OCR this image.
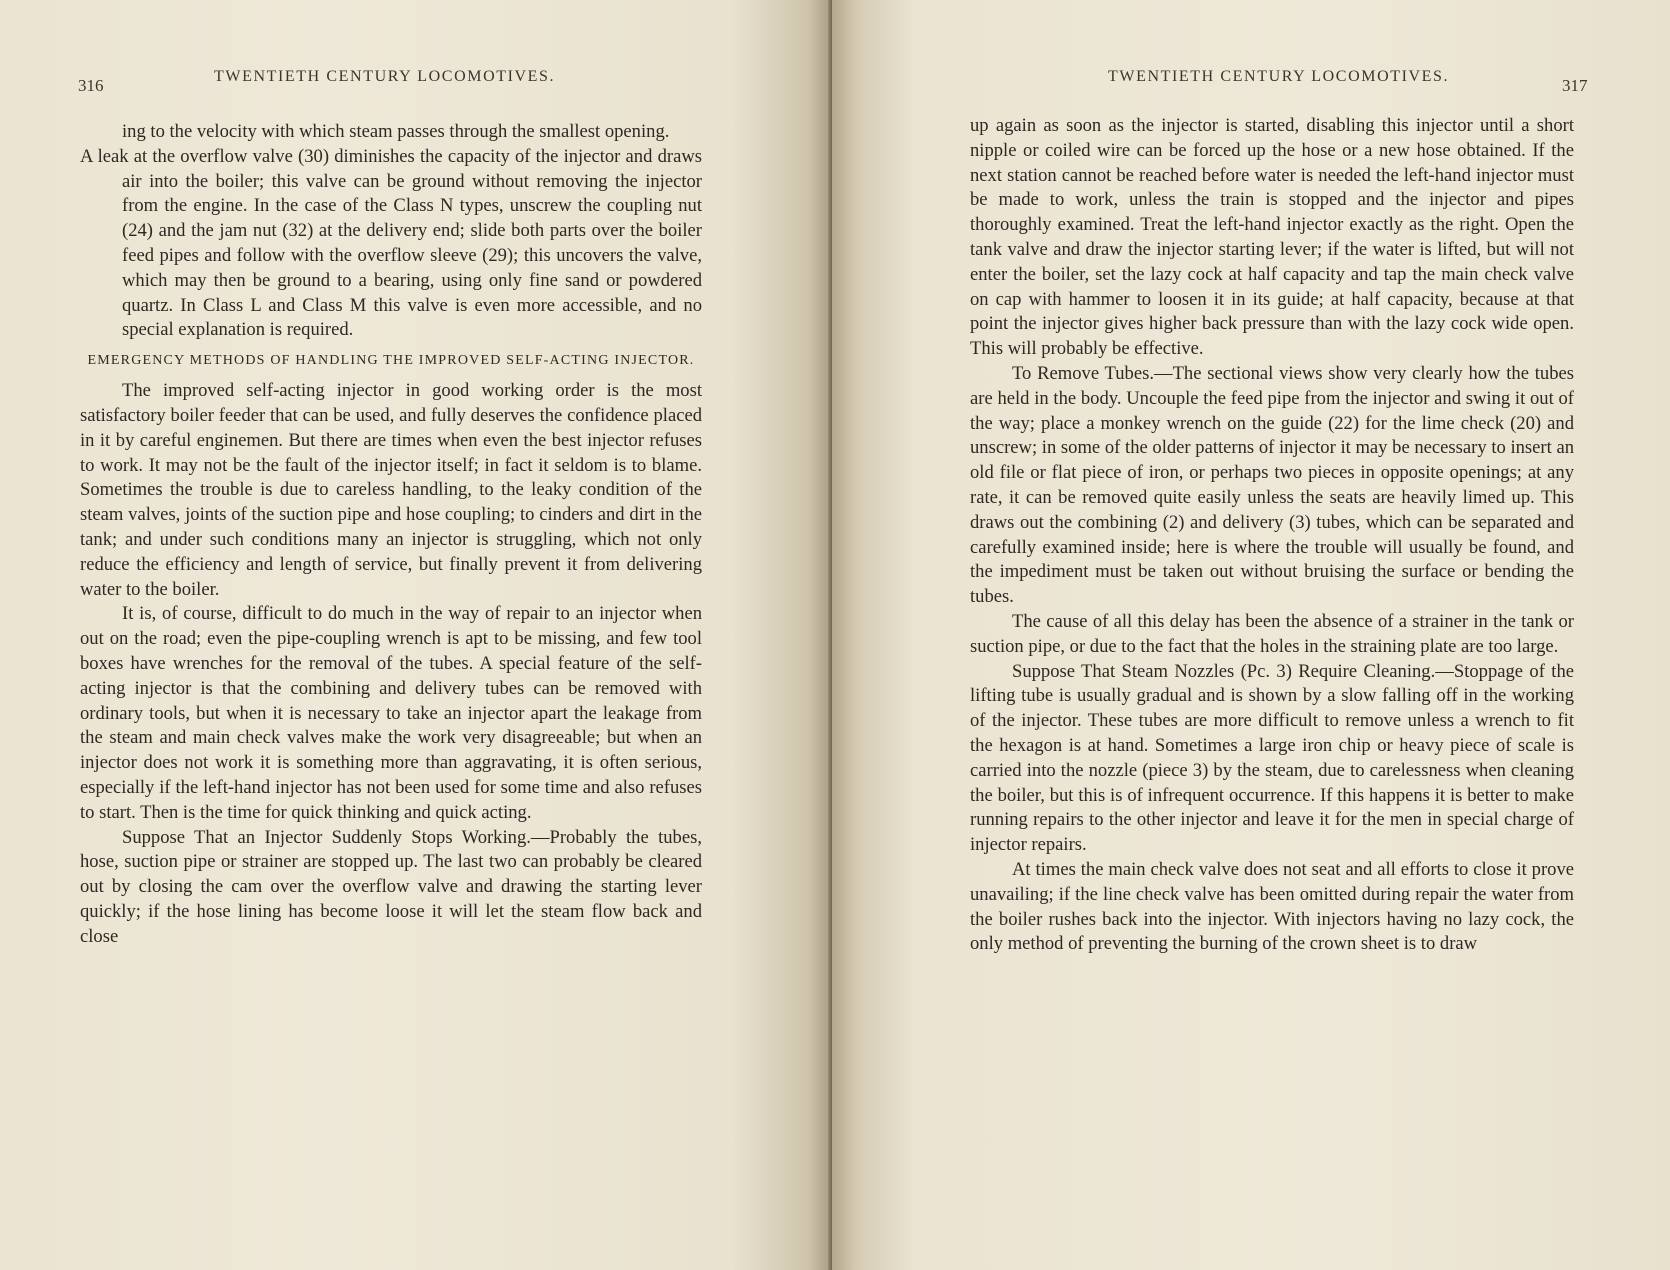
316	TWENTIETH CENTURY LOCOMOTIVES.

ing to the velocity with which steam passes through the smallest opening.

A leak at the overflow valve (30) diminishes the capacity of the injector and draws air into the boiler; this valve can be ground without removing the injector from the engine. In the case of the Class N types, unscrew the coupling nut (24) and the jam nut (32) at the delivery end; slide both parts over the boiler feed pipes and follow with the overflow sleeve (29); this uncovers the valve, which may then be ground to a bearing, using only fine sand or powdered quartz. In Class L and Class M this valve is even more accessible, and no special explanation is required.

EMERGENCY METHODS OF HANDLING THE IMPROVED SELF-ACTING INJECTOR.

The improved self-acting injector in good working order is the most satisfactory boiler feeder that can be used, and fully deserves the confidence placed in it by careful enginemen. But there are times when even the best injector refuses to work. It may not be the fault of the injector itself; in fact it seldom is to blame. Sometimes the trouble is due to careless handling, to the leaky condition of the steam valves, joints of the suction pipe and hose coupling; to cinders and dirt in the tank; and under such conditions many an injector is struggling, which not only reduce the efficiency and length of service, but finally prevent it from delivering water to the boiler.

It is, of course, difficult to do much in the way of repair to an injector when out on the road; even the pipe-coupling wrench is apt to be missing, and few tool boxes have wrenches for the removal of the tubes. A special feature of the self-acting injector is that the combining and delivery tubes can be removed with ordinary tools, but when it is necessary to take an injector apart the leakage from the steam and main check valves make the work very disagreeable; but when an injector does not work it is something more than aggravating, it is often serious, especially if the left-hand injector has not been used for some time and also refuses to start. Then is the time for quick thinking and quick acting.

Suppose That an Injector Suddenly Stops Working.—Probably the tubes, hose, suction pipe or strainer are stopped up. The last two can probably be cleared out by closing the cam over the overflow valve and drawing the starting lever quickly; if the hose lining has become loose it will let the steam flow back and close

TWENTIETH CENTURY LOCOMOTIVES.	317

up again as soon as the injector is started, disabling this injector until a short nipple or coiled wire can be forced up the hose or a new hose obtained. If the next station cannot be reached before water is needed the left-hand injector must be made to work, unless the train is stopped and the injector and pipes thoroughly examined. Treat the left-hand injector exactly as the right. Open the tank valve and draw the injector starting lever; if the water is lifted, but will not enter the boiler, set the lazy cock at half capacity and tap the main check valve on cap with hammer to loosen it in its guide; at half capacity, because at that point the injector gives higher back pressure than with the lazy cock wide open. This will probably be effective.

To Remove Tubes.—The sectional views show very clearly how the tubes are held in the body. Uncouple the feed pipe from the injector and swing it out of the way; place a monkey wrench on the guide (22) for the lime check (20) and unscrew; in some of the older patterns of injector it may be necessary to insert an old file or flat piece of iron, or perhaps two pieces in opposite openings; at any rate, it can be removed quite easily unless the seats are heavily limed up. This draws out the combining (2) and delivery (3) tubes, which can be separated and carefully examined inside; here is where the trouble will usually be found, and the impediment must be taken out without bruising the surface or bending the tubes.

The cause of all this delay has been the absence of a strainer in the tank or suction pipe, or due to the fact that the holes in the straining plate are too large.

Suppose That Steam Nozzles (Pc. 3) Require Cleaning.—Stoppage of the lifting tube is usually gradual and is shown by a slow falling off in the working of the injector. These tubes are more difficult to remove unless a wrench to fit the hexagon is at hand. Sometimes a large iron chip or heavy piece of scale is carried into the nozzle (piece 3) by the steam, due to carelessness when cleaning the boiler, but this is of infrequent occurrence. If this happens it is better to make running repairs to the other injector and leave it for the men in special charge of injector repairs.

At times the main check valve does not seat and all efforts to close it prove unavailing; if the line check valve has been omitted during repair the water from the boiler rushes back into the injector. With injectors having no lazy cock, the only method of preventing the burning of the crown sheet is to draw
